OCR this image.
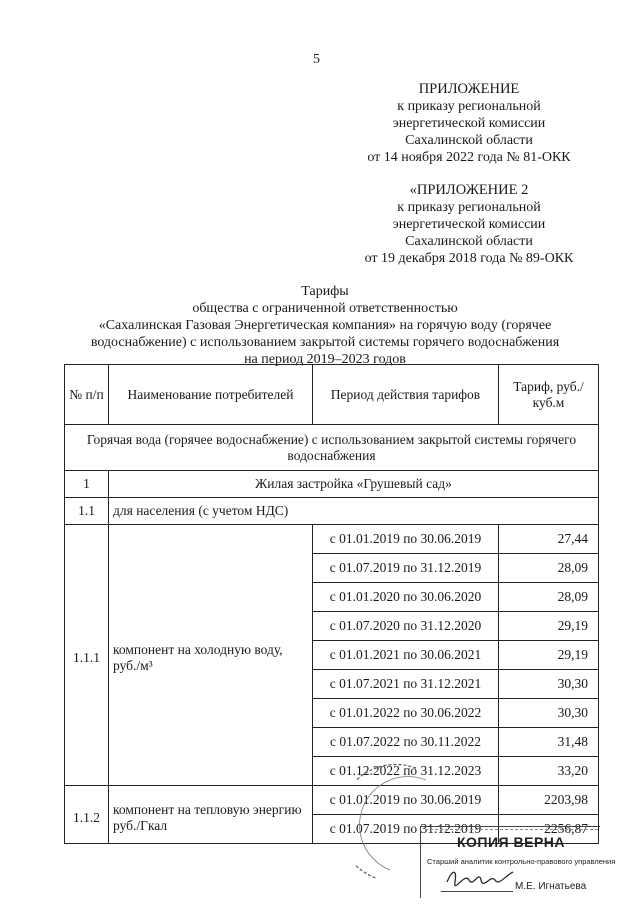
5
ПРИЛОЖЕНИЕ
к приказу региональной
энергетической комиссии
Сахалинской области
от 14 ноября 2022 года № 81-ОКК
«ПРИЛОЖЕНИЕ 2
к приказу региональной
энергетической комиссии
Сахалинской области
от 19 декабря 2018 года № 89-ОКК
Тарифы
общества с ограниченной ответственностью
«Сахалинская Газовая Энергетическая компания» на горячую воду (горячее
водоснабжение) с использованием закрытой системы горячего водоснабжения
на период 2019–2023 годов
№ п/п	Наименование потребителей	Период действия тарифов	Тариф, руб./куб.м
Горячая вода (горячее водоснабжение) с использованием закрытой системы горячего водоснабжения			
1	Жилая застройка «Грушевый сад»		
1.1	для населения (с учетом НДС)		
1.1.1	компонент на холодную воду, руб./м³	с 01.01.2019 по 30.06.2019	27,44
		с 01.07.2019 по 31.12.2019	28,09
		с 01.01.2020 по 30.06.2020	28,09
		с 01.07.2020 по 31.12.2020	29,19
		с 01.01.2021 по 30.06.2021	29,19
		с 01.07.2021 по 31.12.2021	30,30
		с 01.01.2022 по 30.06.2022	30,30
		с 01.07.2022 по 30.11.2022	31,48
		с 01.12.2022 по 31.12.2023	33,20
1.1.2	компонент на тепловую энергию руб./Гкал	с 01.01.2019 по 30.06.2019	2203,98
		с 01.07.2019 по 31.12.2019	2256,87
КОПИЯ ВЕРНА
Старший аналитик контрольно-правового управления
М.Е. Игнатьева
